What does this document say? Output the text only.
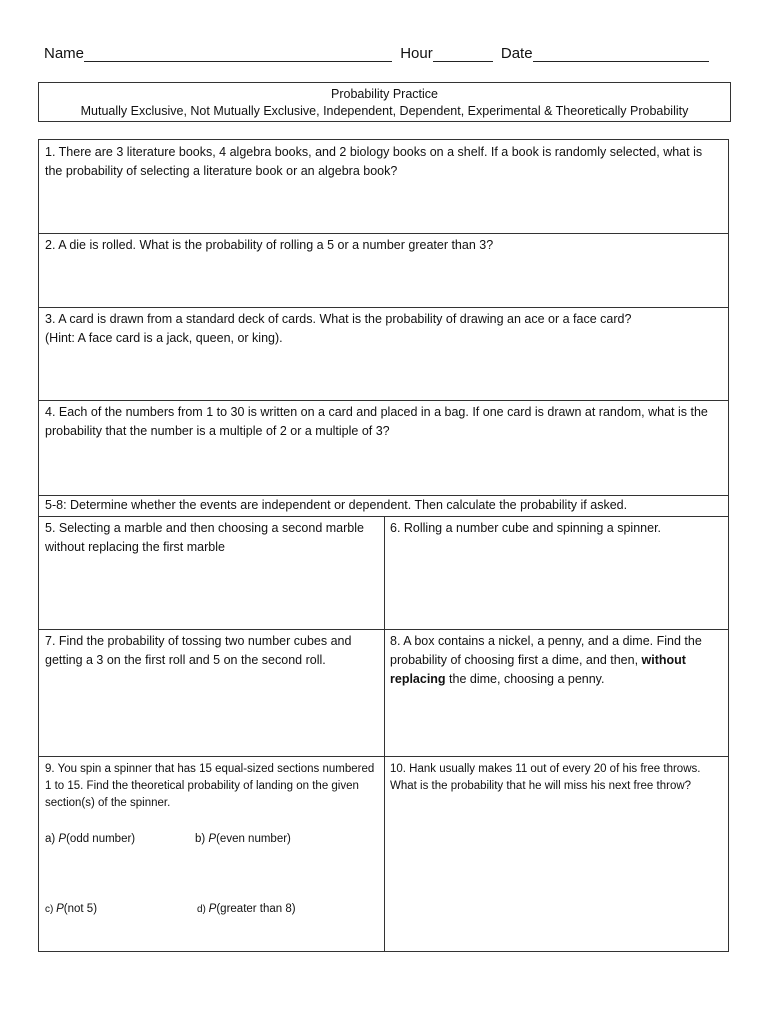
Name	Hour	Date
Probability Practice
Mutually Exclusive, Not Mutually Exclusive, Independent, Dependent, Experimental & Theoretically Probability
1. There are 3 literature books, 4 algebra books, and 2 biology books on a shelf. If a book is randomly selected, what is the probability of selecting a literature book or an algebra book?
2. A die is rolled. What is the probability of rolling a 5 or a number greater than 3?
3. A card is drawn from a standard deck of cards. What is the probability of drawing an ace or a face card?
(Hint: A face card is a jack, queen, or king).
4. Each of the numbers from 1 to 30 is written on a card and placed in a bag. If one card is drawn at random, what is the probability that the number is a multiple of 2 or a multiple of 3?
5-8: Determine whether the events are independent or dependent. Then calculate the probability if asked.
5. Selecting a marble and then choosing a second marble without replacing the first marble
6. Rolling a number cube and spinning a spinner.
7. Find the probability of tossing two number cubes and getting a 3 on the first roll and 5 on the second roll.
8. A box contains a nickel, a penny, and a dime. Find the probability of choosing first a dime, and then, without replacing the dime, choosing a penny.
9. You spin a spinner that has 15 equal-sized sections numbered 1 to 15. Find the theoretical probability of landing on the given section(s) of the spinner.
a) P(odd number)	b) P(even number)
c) P(not 5)	d) P(greater than 8)
10. Hank usually makes 11 out of every 20 of his free throws. What is the probability that he will miss his next free throw?
